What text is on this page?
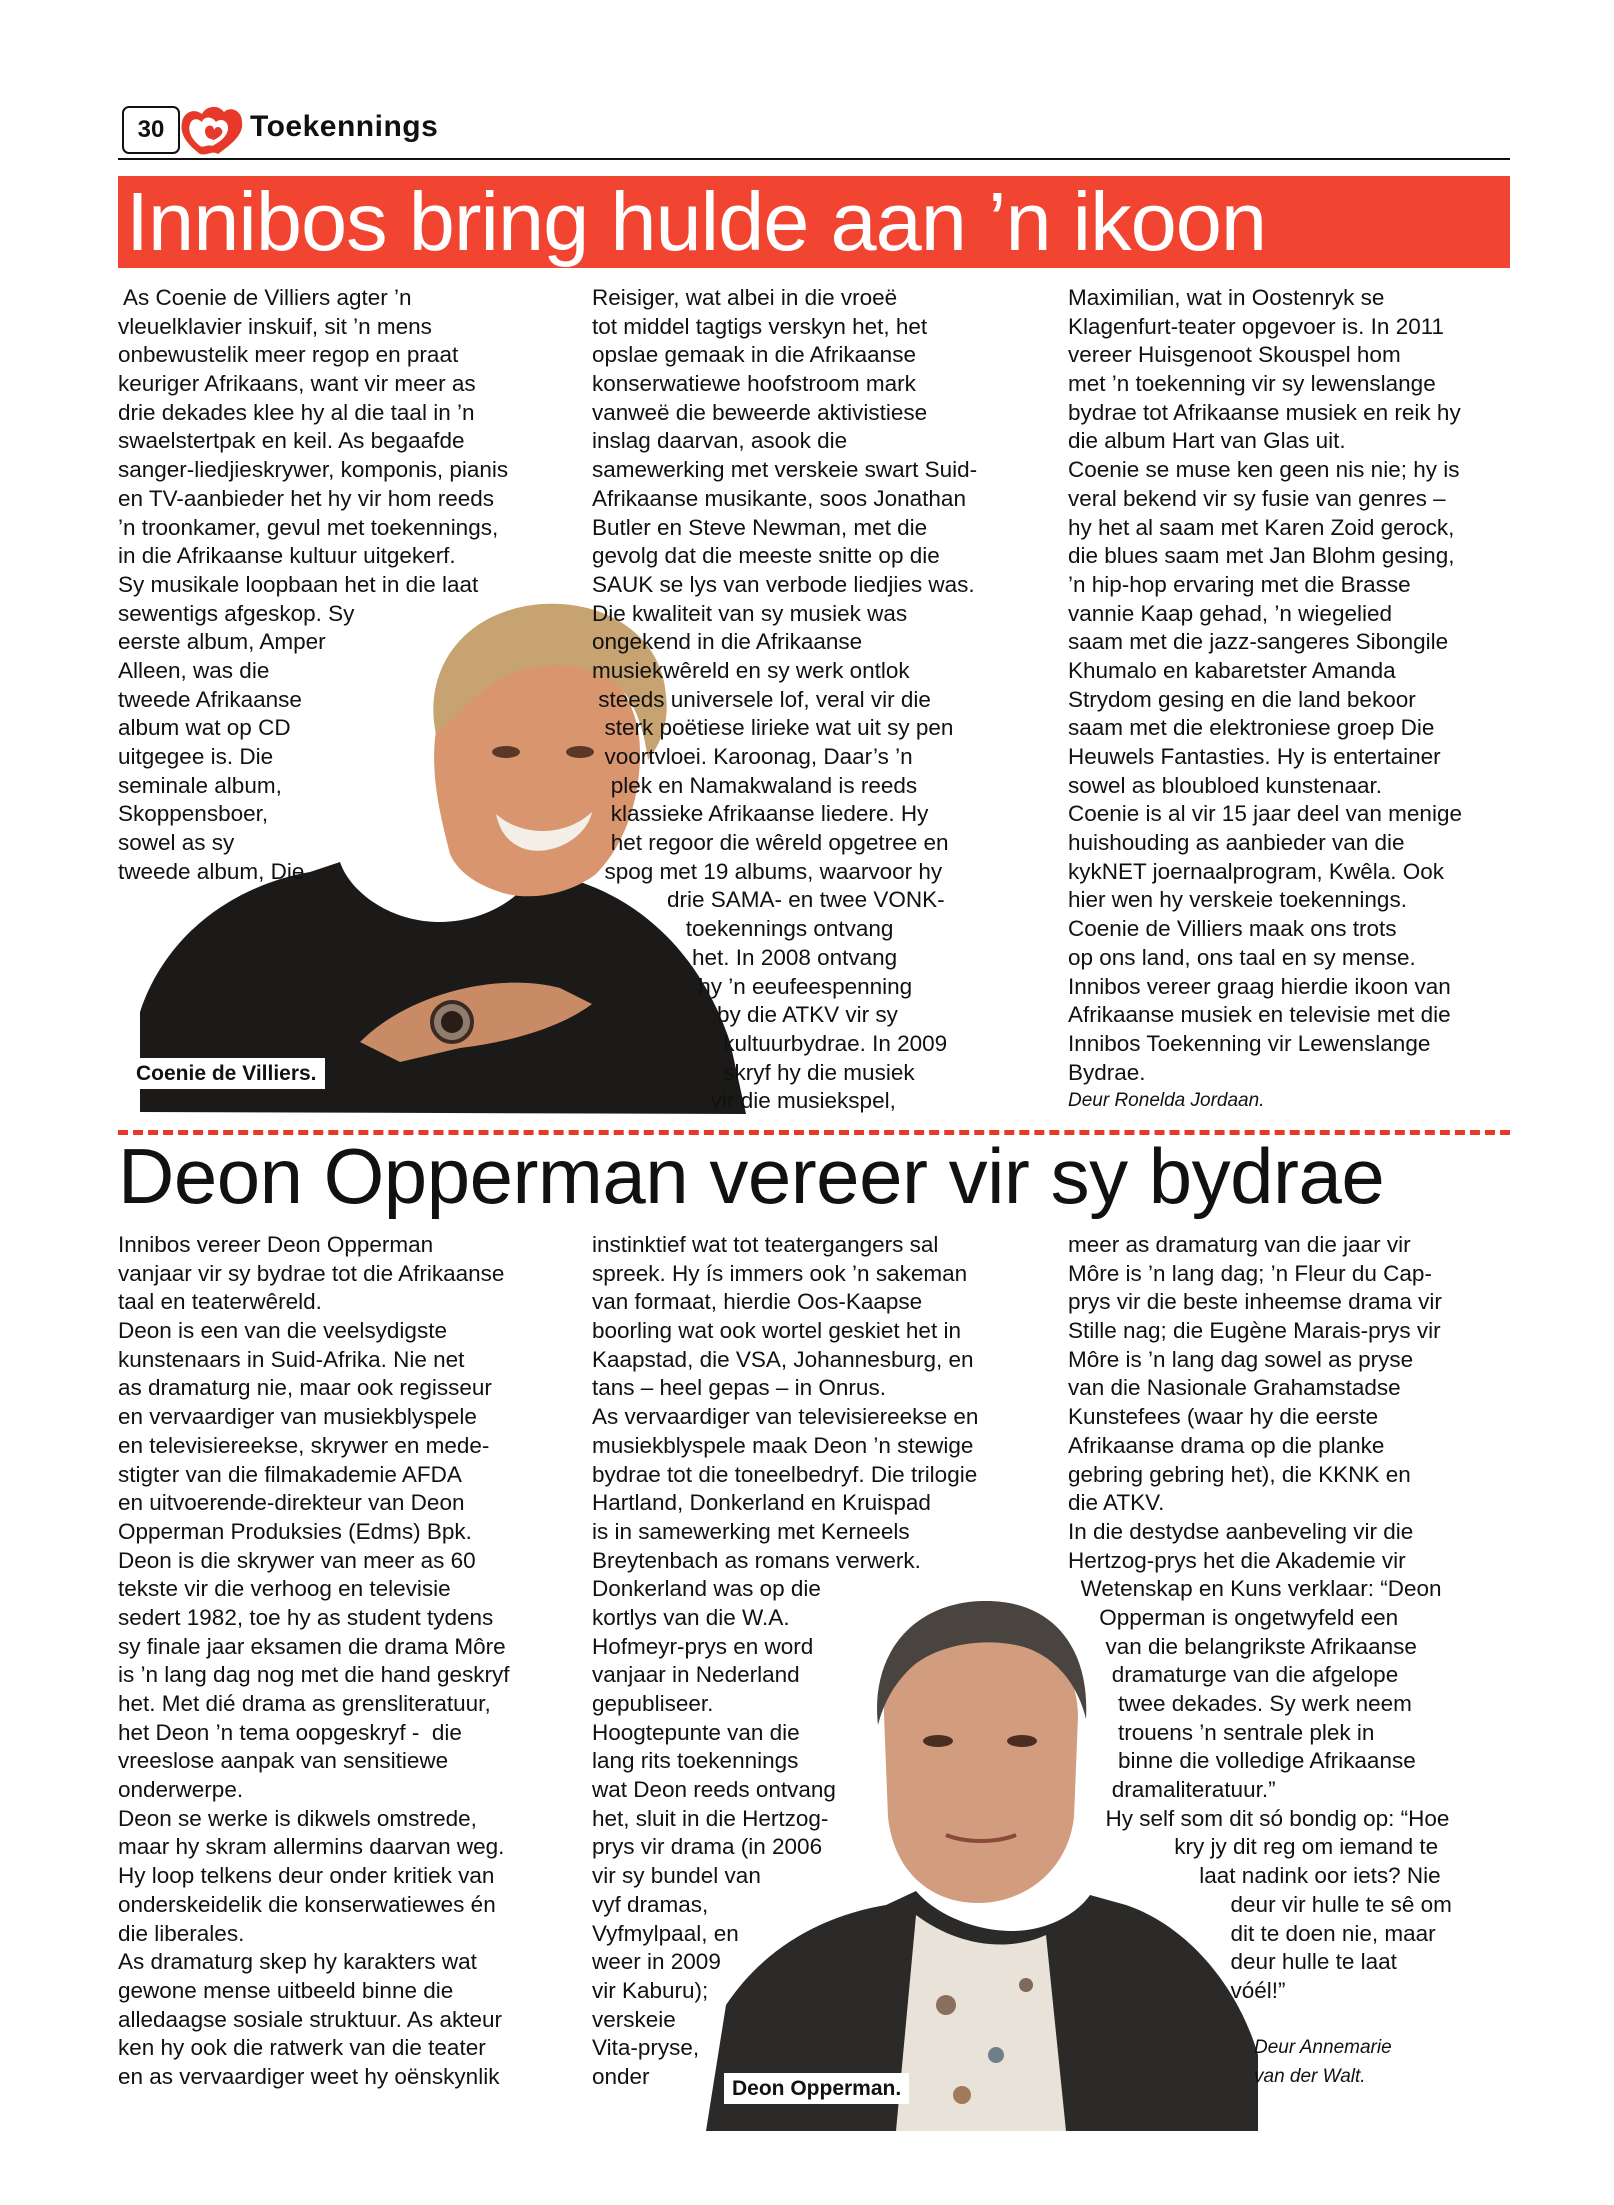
30	Toekennings
Innibos bring hulde aan ’n ikoon
Coenie de Villiers.
As Coenie de Villiers agter ’n
vleuelklavier inskuif, sit ’n mens
onbewustelik meer regop en praat
keuriger Afrikaans, want vir meer as
drie dekades klee hy al die taal in ’n
swaelstertpak en keil. As begaafde
sanger-liedjieskrywer, komponis, pianis
en TV-aanbieder het hy vir hom reeds
’n troonkamer, gevul met toekennings,
in die Afrikaanse kultuur uitgekerf.
Sy musikale loopbaan het in die laat
sewentigs afgeskop. Sy
eerste album, Amper
Alleen, was die
tweede Afrikaanse
album wat op CD
uitgegee is. Die
seminale album,
Skoppensboer,
sowel as sy
tweede album, Die
Reisiger, wat albei in die vroeë
tot middel tagtigs verskyn het, het
opslae gemaak in die Afrikaanse
konserwatiewe hoofstroom mark
vanweë die beweerde aktivistiese
inslag daarvan, asook die
samewerking met verskeie swart Suid-
Afrikaanse musikante, soos Jonathan
Butler en Steve Newman, met die
gevolg dat die meeste snitte op die
SAUK se lys van verbode liedjies was.
Die kwaliteit van sy musiek was
ongekend in die Afrikaanse
musiekwêreld en sy werk ontlok
steeds universele lof, veral vir die
sterk poëtiese lirieke wat uit sy pen
voortvloei. Karoonag, Daar’s ’n
plek en Namakwaland is reeds
klassieke Afrikaanse liedere. Hy
het regoor die wêreld opgetree en
spog met 19 albums, waarvoor hy
drie SAMA- en twee VONK-
toekennings ontvang
het. In 2008 ontvang
hy ’n eeufeespenning
by die ATKV vir sy
kultuurbydrae. In 2009
skryf hy die musiek
vir die musiekspel,
Maximilian, wat in Oostenryk se
Klagenfurt-teater opgevoer is. In 2011
vereer Huisgenoot Skouspel hom
met ’n toekenning vir sy lewenslange
bydrae tot Afrikaanse musiek en reik hy
die album Hart van Glas uit.
Coenie se muse ken geen nis nie; hy is
veral bekend vir sy fusie van genres –
hy het al saam met Karen Zoid gerock,
die blues saam met Jan Blohm gesing,
’n hip-hop ervaring met die Brasse
vannie Kaap gehad, ’n wiegelied
saam met die jazz-sangeres Sibongile
Khumalo en kabaretster Amanda
Strydom gesing en die land bekoor
saam met die elektroniese groep Die
Heuwels Fantasties. Hy is entertainer
sowel as bloubloed kunstenaar.
Coenie is al vir 15 jaar deel van menige
huishouding as aanbieder van die
kykNET joernaalprogram, Kwêla. Ook
hier wen hy verskeie toekennings.
Coenie de Villiers maak ons trots
op ons land, ons taal en sy mense.
Innibos vereer graag hierdie ikoon van
Afrikaanse musiek en televisie met die
Innibos Toekenning vir Lewenslange
Bydrae.
Deur Ronelda Jordaan.
Deon Opperman vereer vir sy bydrae
Deon Opperman.
Innibos vereer Deon Opperman
vanjaar vir sy bydrae tot die Afrikaanse
taal en teaterwêreld.
Deon is een van die veelsydigste
kunstenaars in Suid-Afrika. Nie net
as dramaturg nie, maar ook regisseur
en vervaardiger van musiekblyspele
en televisiereekse, skrywer en mede-
stigter van die filmakademie AFDA
en uitvoerende-direkteur van Deon
Opperman Produksies (Edms) Bpk.
Deon is die skrywer van meer as 60
tekste vir die verhoog en televisie
sedert 1982, toe hy as student tydens
sy finale jaar eksamen die drama Môre
is ’n lang dag nog met die hand geskryf
het. Met dié drama as grensliteratuur,
het Deon ’n tema oopgeskryf -  die
vreeslose aanpak van sensitiewe
onderwerpe.
Deon se werke is dikwels omstrede,
maar hy skram allermins daarvan weg.
Hy loop telkens deur onder kritiek van
onderskeidelik die konserwatiewes én
die liberales.
As dramaturg skep hy karakters wat
gewone mense uitbeeld binne die
alledaagse sosiale struktuur. As akteur
ken hy ook die ratwerk van die teater
en as vervaardiger weet hy oënskynlik
instinktief wat tot teatergangers sal
spreek. Hy ís immers ook ’n sakeman
van formaat, hierdie Oos-Kaapse
boorling wat ook wortel geskiet het in
Kaapstad, die VSA, Johannesburg, en
tans – heel gepas – in Onrus.
As vervaardiger van televisiereekse en
musiekblyspele maak Deon ’n stewige
bydrae tot die toneelbedryf. Die trilogie
Hartland, Donkerland en Kruispad
is in samewerking met Kerneels
Breytenbach as romans verwerk.
Donkerland was op die
kortlys van die W.A.
Hofmeyr-prys en word
vanjaar in Nederland
gepubliseer.
Hoogtepunte van die
lang rits toekennings
wat Deon reeds ontvang
het, sluit in die Hertzog-
prys vir drama (in 2006
vir sy bundel van
vyf dramas,
Vyfmylpaal, en
weer in 2009
vir Kaburu);
verskeie
Vita-pryse,
onder
meer as dramaturg van die jaar vir
Môre is ’n lang dag; ’n Fleur du Cap-
prys vir die beste inheemse drama vir
Stille nag; die Eugène Marais-prys vir
Môre is ’n lang dag sowel as pryse
van die Nasionale Grahamstadse
Kunstefees (waar hy die eerste
Afrikaanse drama op die planke
gebring gebring het), die KKNK en
die ATKV.
In die destydse aanbeveling vir die
Hertzog-prys het die Akademie vir
Wetenskap en Kuns verklaar: “Deon
Opperman is ongetwyfeld een
van die belangrikste Afrikaanse
dramaturge van die afgelope
twee dekades. Sy werk neem
trouens ’n sentrale plek in
binne die volledige Afrikaanse
dramaliteratuur.”
Hy self som dit só bondig op: “Hoe
kry jy dit reg om iemand te
laat nadink oor iets? Nie
deur vir hulle te sê om
dit te doen nie, maar
deur hulle te laat
vóél!”
Deur Annemarie
van der Walt.
